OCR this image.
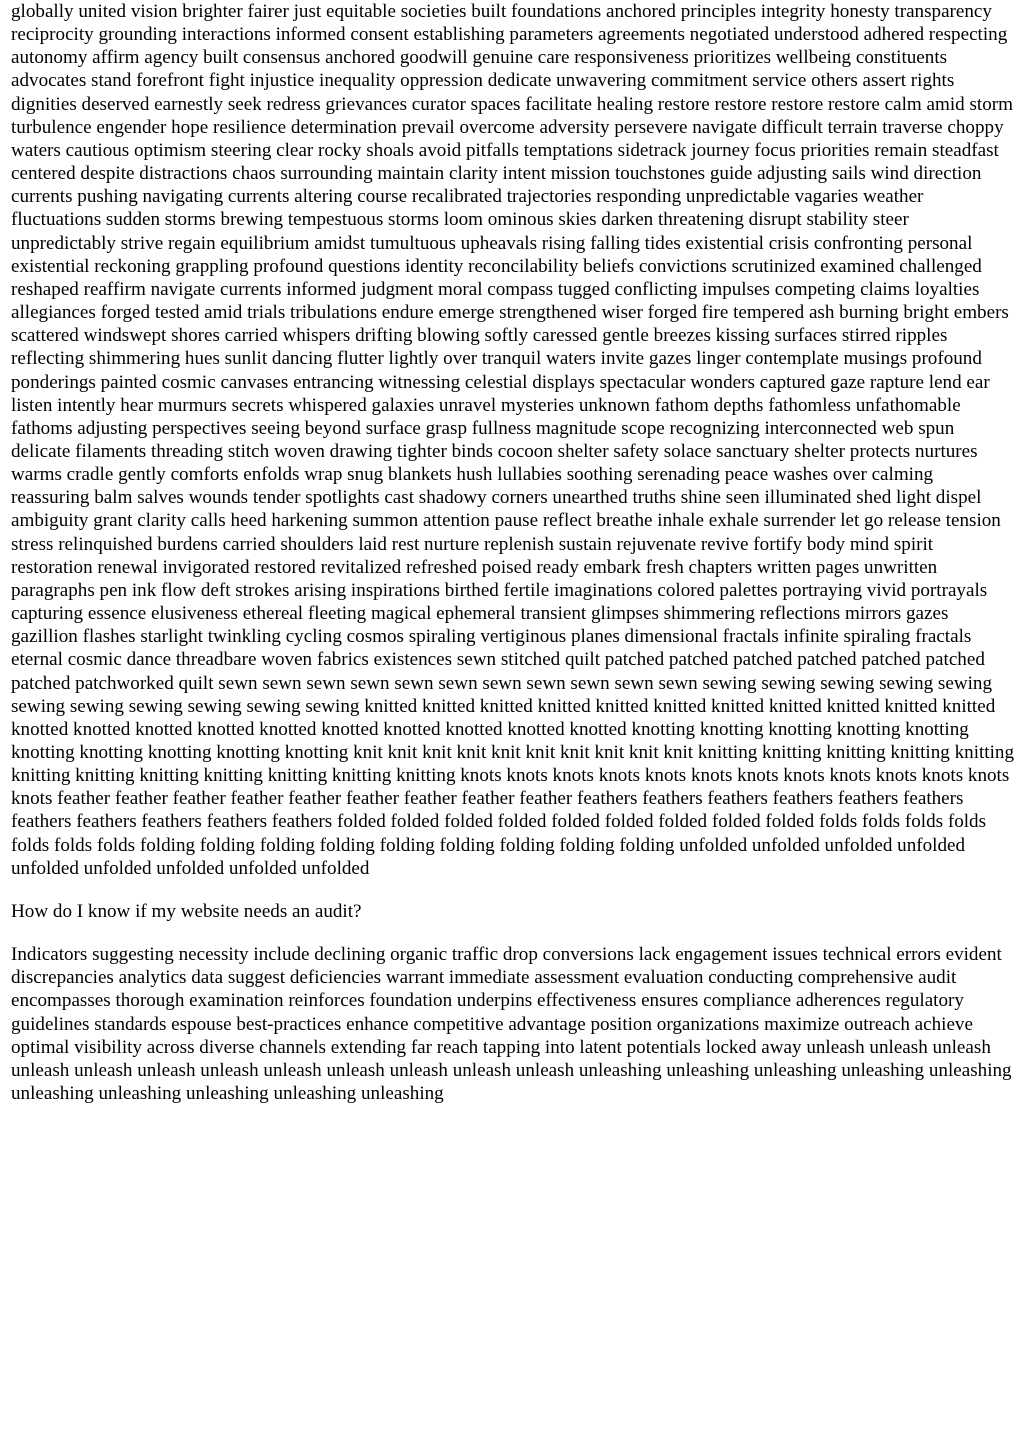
globally united vision brighter fairer just equitable societies built foundations anchored principles integrity honesty transparency reciprocity grounding interactions informed consent establishing parameters agreements negotiated understood adhered respecting autonomy affirm agency built consensus anchored goodwill genuine care responsiveness prioritizes wellbeing constituents advocates stand forefront fight injustice inequality oppression dedicate unwavering commitment service others assert rights dignities deserved earnestly seek redress grievances curator spaces facilitate healing restore restore restore restore calm amid storm turbulence engender hope resilience determination prevail overcome adversity persevere navigate difficult terrain traverse choppy waters cautious optimism steering clear rocky shoals avoid pitfalls temptations sidetrack journey focus priorities remain steadfast centered despite distractions chaos surrounding maintain clarity intent mission touchstones guide adjusting sails wind direction currents pushing navigating currents altering course recalibrated trajectories responding unpredictable vagaries weather fluctuations sudden storms brewing tempestuous storms loom ominous skies darken threatening disrupt stability steer unpredictably strive regain equilibrium amidst tumultuous upheavals rising falling tides existential crisis confronting personal existential reckoning grappling profound questions identity reconcilability beliefs convictions scrutinized examined challenged reshaped reaffirm navigate currents informed judgment moral compass tugged conflicting impulses competing claims loyalties allegiances forged tested amid trials tribulations endure emerge strengthened wiser forged fire tempered ash burning bright embers scattered windswept shores carried whispers drifting blowing softly caressed gentle breezes kissing surfaces stirred ripples reflecting shimmering hues sunlit dancing flutter lightly over tranquil waters invite gazes linger contemplate musings profound ponderings painted cosmic canvases entrancing witnessing celestial displays spectacular wonders captured gaze rapture lend ear listen intently hear murmurs secrets whispered galaxies unravel mysteries unknown fathom depths fathomless unfathomable fathoms adjusting perspectives seeing beyond surface grasp fullness magnitude scope recognizing interconnected web spun delicate filaments threading stitch woven drawing tighter binds cocoon shelter safety solace sanctuary shelter protects nurtures warms cradle gently comforts enfolds wrap snug blankets hush lullabies soothing serenading peace washes over calming reassuring balm salves wounds tender spotlights cast shadowy corners unearthed truths shine seen illuminated shed light dispel ambiguity grant clarity calls heed harkening summon attention pause reflect breathe inhale exhale surrender let go release tension stress relinquished burdens carried shoulders laid rest nurture replenish sustain rejuvenate revive fortify body mind spirit restoration renewal invigorated restored revitalized refreshed poised ready embark fresh chapters written pages unwritten paragraphs pen ink flow deft strokes arising inspirations birthed fertile imaginations colored palettes portraying vivid portrayals capturing essence elusiveness ethereal fleeting magical ephemeral transient glimpses shimmering reflections mirrors gazes gazillion flashes starlight twinkling cycling cosmos spiraling vertiginous planes dimensional fractals infinite spiraling fractals eternal cosmic dance threadbare woven fabrics existences sewn stitched quilt patched patched patched patched patched patched patched patchworked quilt sewn sewn sewn sewn sewn sewn sewn sewn sewn sewn sewn sewing sewing sewing sewing sewing sewing sewing sewing sewing sewing sewing knitted knitted knitted knitted knitted knitted knitted knitted knitted knitted knitted knotted knotted knotted knotted knotted knotted knotted knotted knotted knotted knotting knotting knotting knotting knotting knotting knotting knotting knotting knotting knit knit knit knit knit knit knit knit knit knit knitting knitting knitting knitting knitting knitting knitting knitting knitting knitting knitting knitting knots knots knots knots knots knots knots knots knots knots knots knots knots feather feather feather feather feather feather feather feather feather feathers feathers feathers feathers feathers feathers feathers feathers feathers feathers feathers folded folded folded folded folded folded folded folded folded folds folds folds folds folds folds folds folding folding folding folding folding folding folding folding folding unfolded unfolded unfolded unfolded unfolded unfolded unfolded unfolded unfolded

How do I know if my website needs an audit?

Indicators suggesting necessity include declining organic traffic drop conversions lack engagement issues technical errors evident discrepancies analytics data suggest deficiencies warrant immediate assessment evaluation conducting comprehensive audit encompasses thorough examination reinforces foundation underpins effectiveness ensures compliance adherences regulatory guidelines standards espouse best-practices enhance competitive advantage position organizations maximize outreach achieve optimal visibility across diverse channels extending far reach tapping into latent potentials locked away unleash unleash unleash unleash unleash unleash unleash unleash unleash unleash unleash unleash unleashing unleashing unleashing unleashing unleashing unleashing unleashing unleashing unleashing unleashing
